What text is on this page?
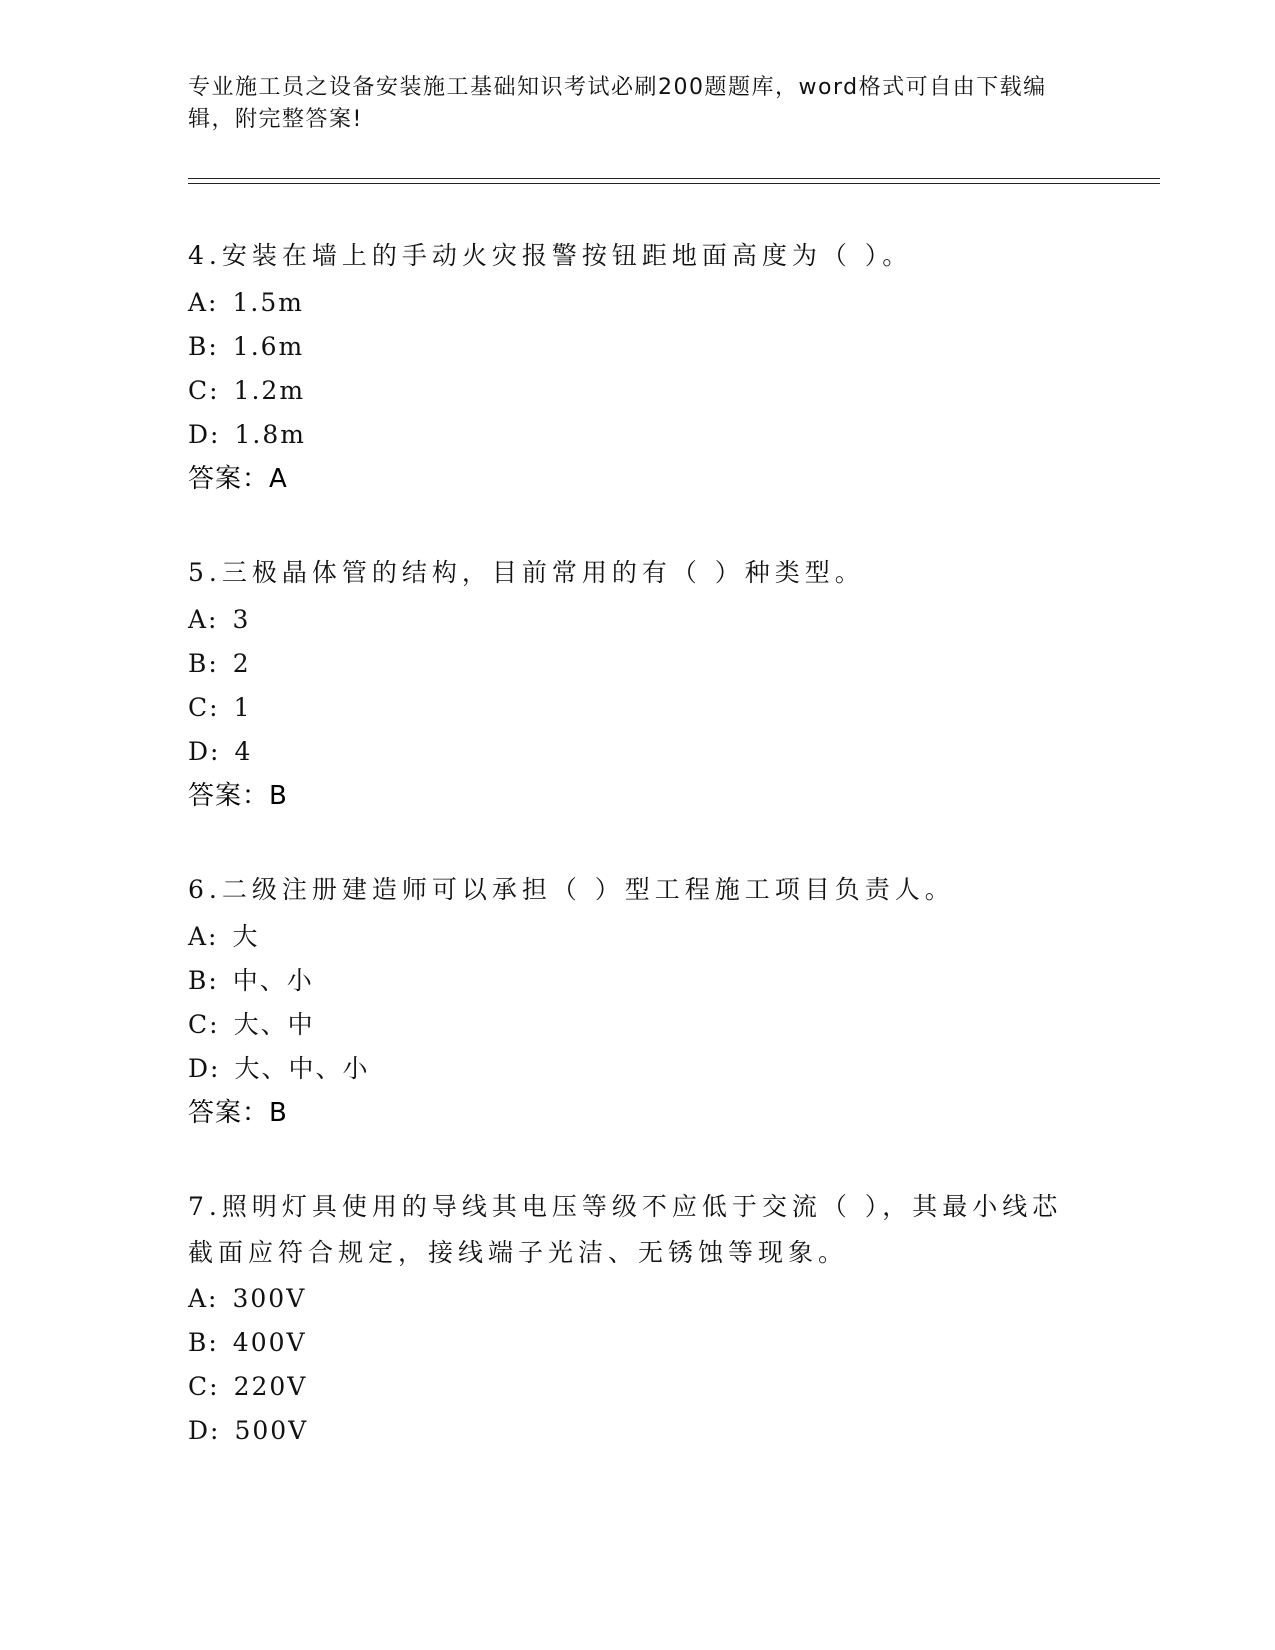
专业施工员之设备安装施工基础知识考试必刷200题题库，word格式可自由下载编辑，附完整答案!
4.安装在墙上的手动火灾报警按钮距地面高度为（ ）。
A: 1.5m
B: 1.6m
C: 1.2m
D: 1.8m
答案：A
5.三极晶体管的结构，目前常用的有（ ）种类型。
A: 3
B: 2
C: 1
D: 4
答案：B
6.二级注册建造师可以承担（ ）型工程施工项目负责人。
A: 大
B: 中、小
C: 大、中
D: 大、中、小
答案：B
7.照明灯具使用的导线其电压等级不应低于交流（ ），其最小线芯截面应符合规定，接线端子光洁、无锈蚀等现象。
A: 300V
B: 400V
C: 220V
D: 500V
